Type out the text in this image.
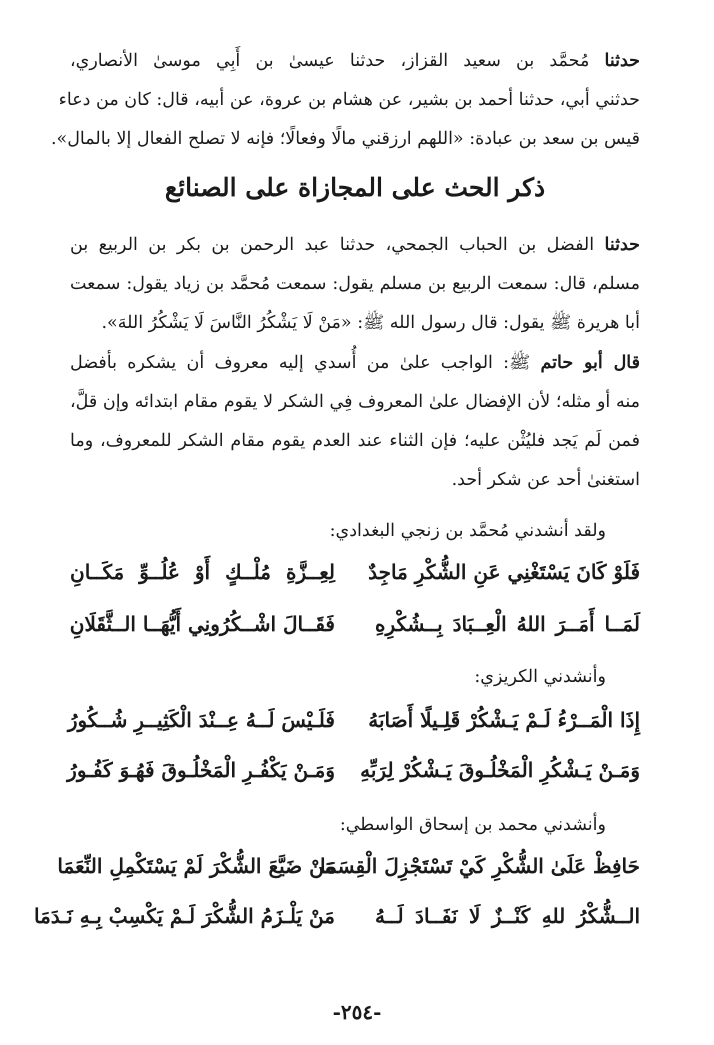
حدثنا مُحمَّد بن سعيد القزاز، حدثنا عيسىٰ بن أَبِي موسىٰ الأنصاري،
حدثني أبي، حدثنا أحمد بن بشير، عن هشام بن عروة، عن أبيه، قال: كان من دعاء
قيس بن سعد بن عبادة: «اللهم ارزقني مالًا وفعالًا؛ فإنه لا تصلح الفعال إلا بالمال».
ذكر الحث على المجازاة على الصنائع
حدثنا الفضل بن الحباب الجمحي، حدثنا عبد الرحمن بن بكر بن الربيع بن
مسلم، قال: سمعت الربيع بن مسلم يقول: سمعت مُحمَّد بن زياد يقول: سمعت
أبا هريرة ﷺ يقول: قال رسول الله ﷺ: «مَنْ لَا يَشْكُرُ النَّاسَ لَا يَشْكُرُ اللهَ».
قال أبو حاتم ﷺ: الواجب علىٰ من أُسدي إليه معروف أن يشكره بأفضل
منه أو مثله؛ لأن الإفضال علىٰ المعروف فِي الشكر لا يقوم مقام ابتدائه وإن قلَّ،
فمن لَم يَجد فليُثْن عليه؛ فإن الثناء عند العدم يقوم مقام الشكر للمعروف، وما
استغنىٰ أحد عن شكر أحد.
ولقد أنشدني مُحمَّد بن زنجي البغدادي:
فَلَوْ كَانَ يَسْتَغْنِي عَنِ الشُّكْرِ مَاجِدٌ
لِعِــزَّةِ مُلْــكٍ أَوْ عُلُــوِّ مَكَــانِ
لَمَــا أَمَــرَ اللهُ الْعِــبَادَ بِــشُكْرِهِ
فَقَــالَ اشْــكُرُونِي أَيُّهَــا الــثَّقَلَانِ
وأنشدني الكريزي:
إِذَا الْمَــرْءُ لَـمْ يَـشْكُرْ قَلِـيلًا أَصَابَهُ
فَلَـيْسَ لَــهُ عِــنْدَ الْكَثِيــرِ شُــكُورُ
وَمَـنْ يَـشْكُرِ الْمَخْلُـوقَ يَـشْكُرْ لِرَبِّهِ
وَمَـنْ يَكْفُـرِ الْمَخْلُـوقَ فَهُـوَ كَفُـورُ
وأنشدني محمد بن إسحاق الواسطي:
حَافِظْ عَلَىٰ الشُّكْرِ كَيْ تَسْتَجْزِلَ الْقِسَمَا
مَنْ ضَيَّعَ الشُّكْرَ لَمْ يَسْتَكْمِلِ النِّعَمَا
الــشُّكْرُ للهِ كَنْــزٌ لَا نَفَــادَ لَــهُ
مَنْ يَلْـزَمُ الشُّكْرَ لَـمْ يَكْسِبْ بِـهِ نَـدَمَا
-٢٥٤-
